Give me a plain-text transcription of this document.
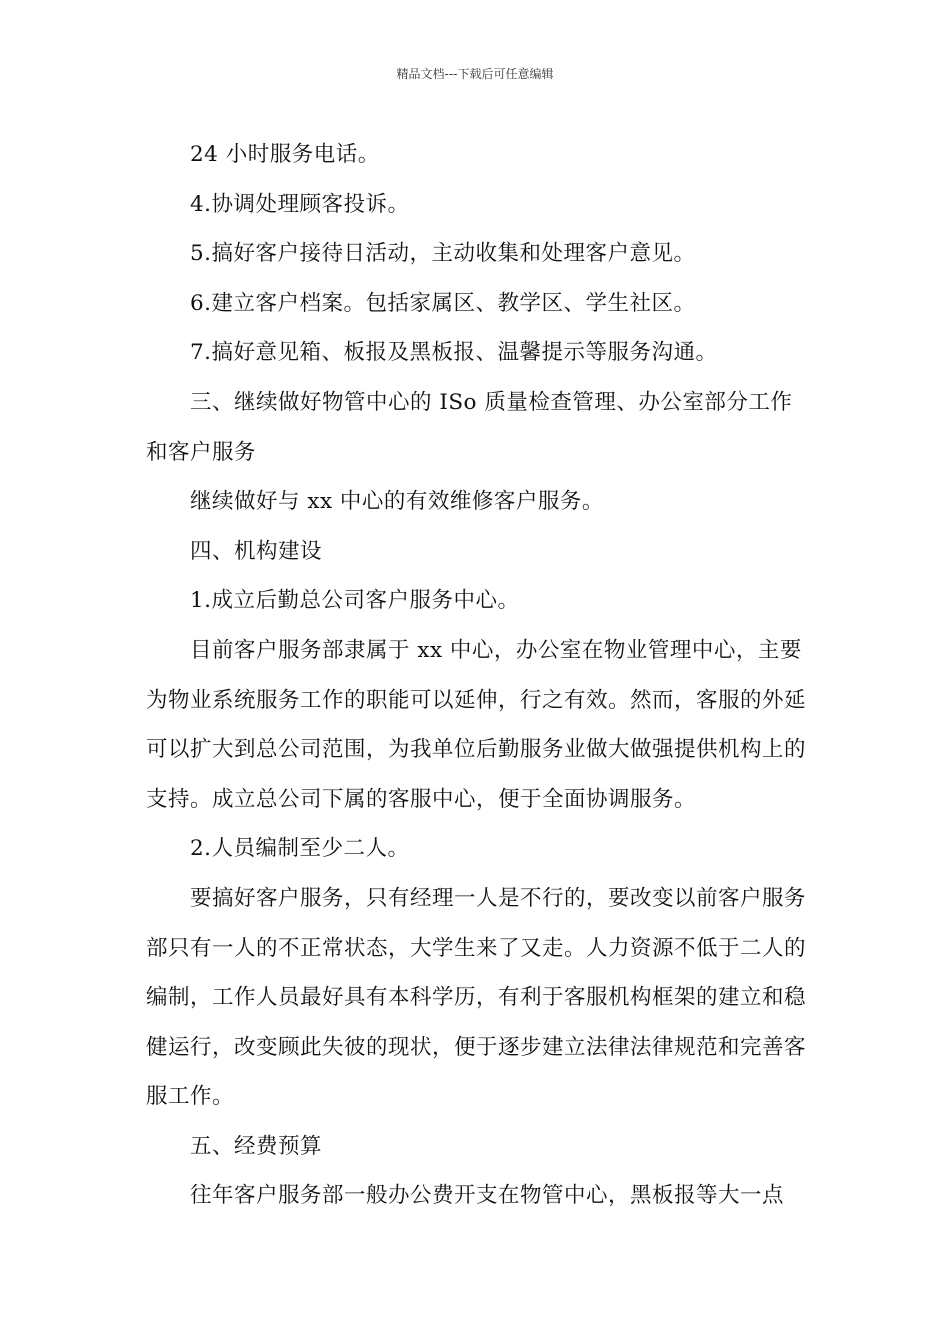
精品文档---下载后可任意编辑

24 小时服务电话。

4.协调处理顾客投诉。

5.搞好客户接待日活动，主动收集和处理客户意见。

6.建立客户档案。包括家属区、教学区、学生社区。

7.搞好意见箱、板报及黑板报、温馨提示等服务沟通。

三、继续做好物管中心的 ISo 质量检查管理、办公室部分工作和客户服务

继续做好与 xx 中心的有效维修客户服务。

四、机构建设

1.成立后勤总公司客户服务中心。

目前客户服务部隶属于 xx 中心，办公室在物业管理中心，主要为物业系统服务工作的职能可以延伸，行之有效。然而，客服的外延可以扩大到总公司范围，为我单位后勤服务业做大做强提供机构上的支持。成立总公司下属的客服中心，便于全面协调服务。

2.人员编制至少二人。

要搞好客户服务，只有经理一人是不行的，要改变以前客户服务部只有一人的不正常状态，大学生来了又走。人力资源不低于二人的编制，工作人员最好具有本科学历，有利于客服机构框架的建立和稳健运行，改变顾此失彼的现状，便于逐步建立法律法律规范和完善客服工作。

五、经费预算

往年客户服务部一般办公费开支在物管中心，黑板报等大一点
